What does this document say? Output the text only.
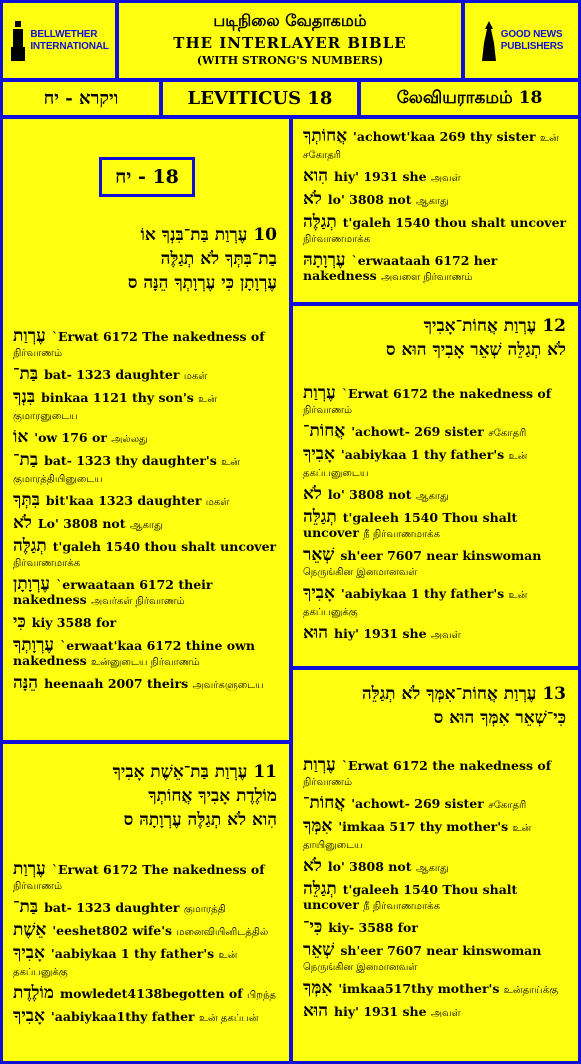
BELLWETHER
INTERNATIONAL
படிநிலை வேதாகமம்
THE INTERLAYER BIBLE
(WITH STRONG'S NUMBERS)
GOOD NEWS
PUBLISHERS
ויקרא - יח	LEVITICUS 18	லேவியராகமம் 18
18 - יח
10 עֶרְוַת בַּת־בִּנְךָ אוֹ
בַת־בִּתְּךָ לֹא תְגַלֶּה
עֶרְוָתָן כִּי עֶרְוָתְךָ הֵנָּה ס
עֶרְוַת `Erwat 6172 The nakedness of நிர்வாணம்
בַּת־ bat- 1323 daughter மகள்
בִּנְךָ binkaa 1121 thy son's உன் குமாரனுடைய
אוֹ 'ow 176 or அல்லது
בַת־ bat- 1323 thy daughter's உன் குமாரத்தியினுடைய
בִּתְּךָ bit'kaa 1323 daughter மகள்
לֹא Lo' 3808 not ஆகாது
תְגַלֶּה t'galeh 1540 thou shalt uncover நிர்வாணமாக்க
עֶרְוָתָן `erwaataan 6172 their nakedness அவர்கள் நிர்வாணம்
כִּי kiy 3588 for
עֶרְוָתְךָ `erwaat'kaa 6172 thine own nakedness உன்னுடைய நிர்வாணம்
הֵנָּה heenaah 2007 theirs அவர்களுடைய
11 עֶרְוַת בַּת־אֵשֶׁת אָבִיךָ
מוֹלֶדֶת אָבִיךָ אֲחוֹתְךָ
הִוא לֹא תְגַלֶּה עֶרְוָתָהּ ס
עֶרְוַת `Erwat 6172 The nakedness of நிர்வாணம்
בַּת־ bat- 1323 daughter குமாரத்தி
אֵשֶׁת 'eeshet802 wife's மனைவியினிடத்தில்
אָבִיךָ 'aabiykaa 1 thy father's உன் தகப்பனுக்கு
מוֹלֶדֶת mowledet4138begotten of பிறந்த
אָבִיךָ 'aabiykaa1thy father உன் தகப்பன்
אֲחוֹתְךָ 'achowt'kaa 269 thy sister உன் சகோதரி
הִוא hiy' 1931 she அவள்
לֹא lo' 3808 not ஆகாது
תְגַלֶּה t'galeh 1540 thou shalt uncover நிர்வாணமாக்க
עֶרְוָתָהּ `erwaataah 6172 her nakedness அவளை நிர்வாணம்
12 עֶרְוַת אֲחוֹת־אָבִיךָ
לֹא תְגַלֵּה שְׁאֵר אָבִיךָ הוּא ס
עֶרְוַת `Erwat 6172 the nakedness of நிர்வாணம்
אֲחוֹת־ 'achowt- 269 sister சகோதரி
אָבִיךָ 'aabiykaa 1 thy father's உன் தகப்பனுடைய
לֹא lo' 3808 not ஆகாது
תְגַלֵּה t'galeeh 1540 Thou shalt uncover நீ நிர்வாணமாக்க
שְׁאֵר sh'eer 7607 near kinswoman நெருங்கின இனமானவள்
אָבִיךָ 'aabiykaa 1 thy father's உன் தகப்பனுக்கு
הוּא hiy' 1931 she அவள்
13 עֶרְוַת אֲחוֹת־אִמְּךָ לֹא תְגַלֵּה
כִּי־שְׁאֵר אִמְּךָ הוּא ס
עֶרְוַת `Erwat 6172 the nakedness of நிர்வாணம்
אֲחוֹת־ 'achowt- 269 sister சகோதரி
אִמְּךָ 'imkaa 517 thy mother's உன் தாயினுடைய
לֹא lo' 3808 not ஆகாது
תְגַלֵּה t'galeeh 1540 Thou shalt uncover நீ நிர்வாணமாக்க
כִּי־ kiy- 3588 for
שְׁאֵר sh'eer 7607 near kinswoman நெருங்கின இனமானவள்
אִמְּךָ 'imkaa517thy mother's உன்தாய்க்கு
הוּא hiy' 1931 she அவள்
